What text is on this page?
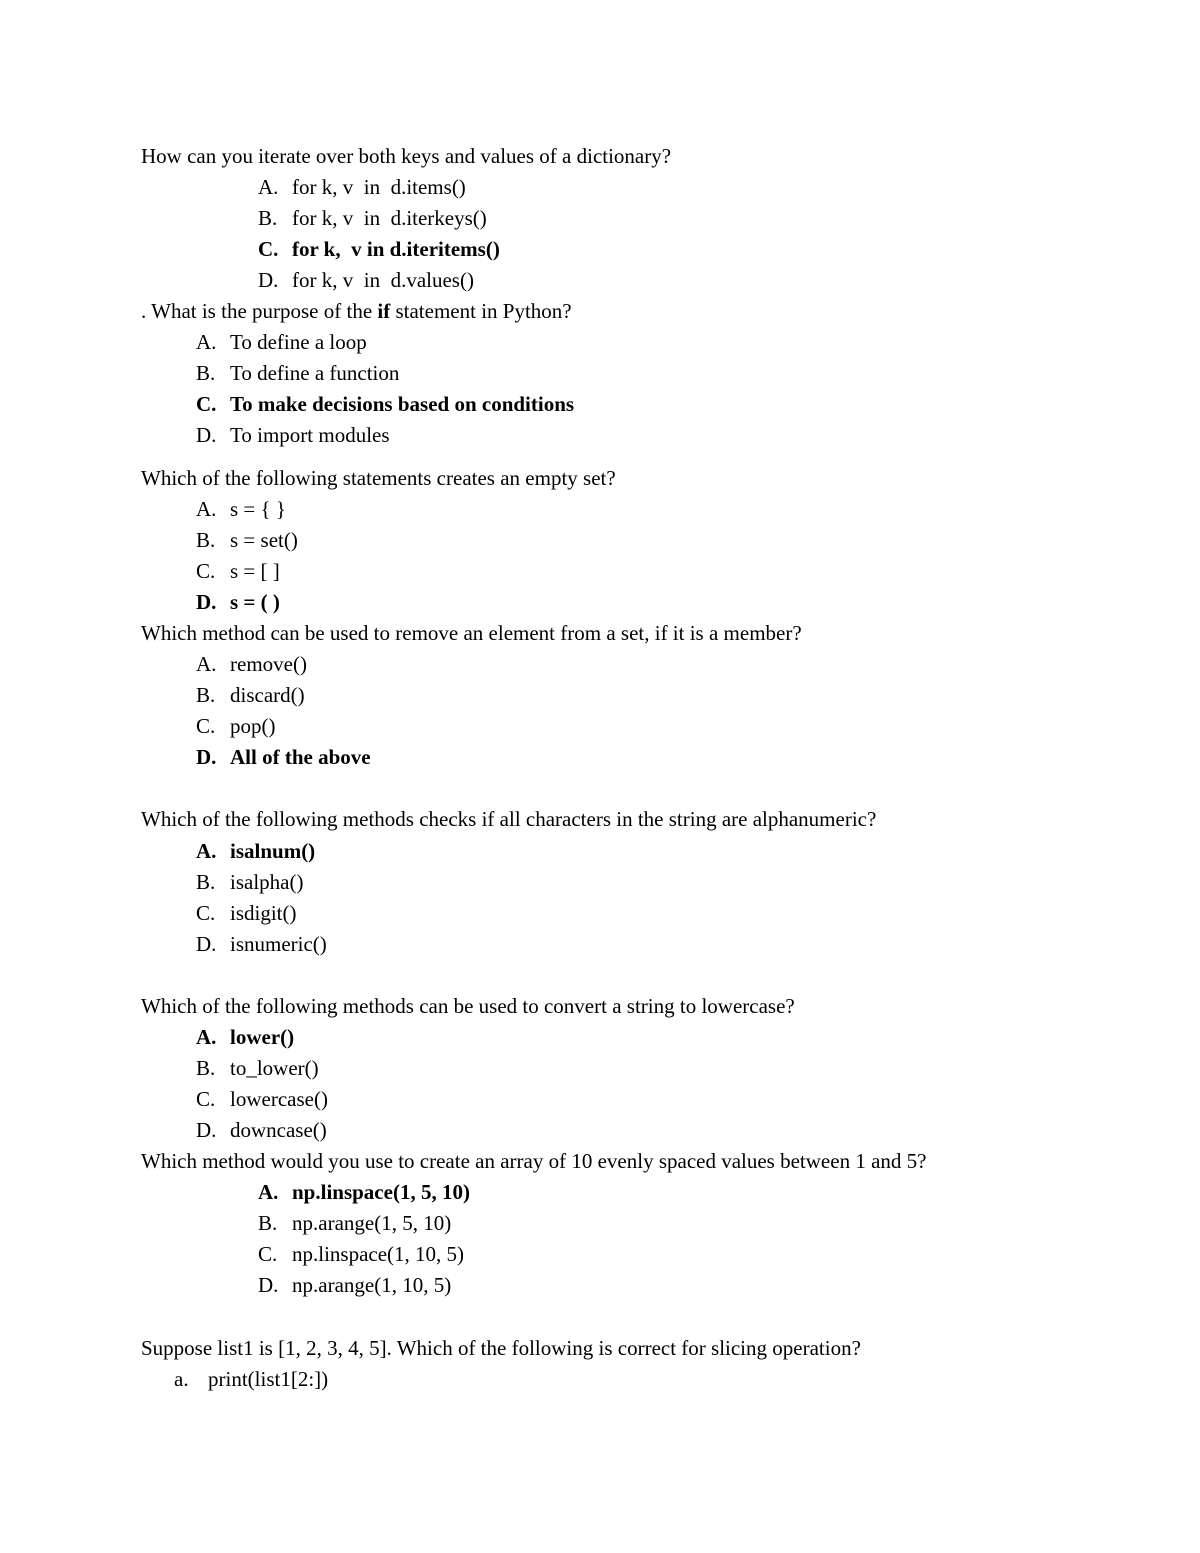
How can you iterate over both keys and values of a dictionary?

A. for k, v  in  d.items()

B. for k, v  in  d.iterkeys()

C. for k,  v in d.iteritems()

D. for k, v  in  d.values()

. What is the purpose of the if statement in Python?

A. To define a loop

B. To define a function

C. To make decisions based on conditions

D. To import modules

Which of the following statements creates an empty set?

A. s = { }

B. s = set()

C. s = [ ]

D. s = ( )

Which method can be used to remove an element from a set, if it is a member?

A. remove()

B. discard()

C. pop()

D. All of the above

Which of the following methods checks if all characters in the string are alphanumeric?

A. isalnum()

B. isalpha()

C. isdigit()

D. isnumeric()

Which of the following methods can be used to convert a string to lowercase?

A. lower()

B. to_lower()

C. lowercase()

D. downcase()

Which method would you use to create an array of 10 evenly spaced values between 1 and 5?

A. np.linspace(1, 5, 10)

B. np.arange(1, 5, 10)

C. np.linspace(1, 10, 5)

D. np.arange(1, 10, 5)

Suppose list1 is [1, 2, 3, 4, 5]. Which of the following is correct for slicing operation?

a. print(list1[2:])
